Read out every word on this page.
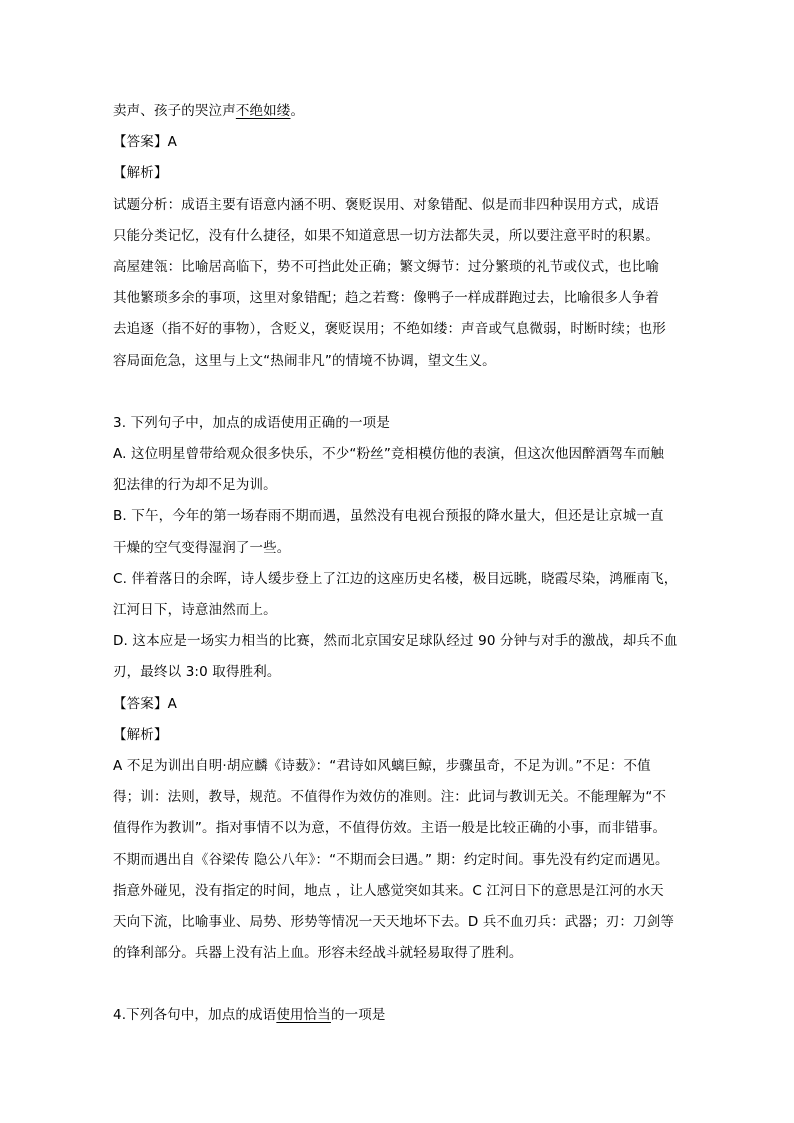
卖声、孩子的哭泣声不绝如缕。
【答案】A
【解析】
试题分析：成语主要有语意内涵不明、褒贬误用、对象错配、似是而非四种误用方式，成语
只能分类记忆，没有什么捷径，如果不知道意思一切方法都失灵，所以要注意平时的积累。
高屋建瓴：比喻居高临下，势不可挡此处正确；繁文缛节：过分繁琐的礼节或仪式，也比喻
其他繁琐多余的事项，这里对象错配；趋之若鹜：像鸭子一样成群跑过去，比喻很多人争着
去追逐（指不好的事物），含贬义，褒贬误用；不绝如缕：声音或气息微弱，时断时续；也形
容局面危急，这里与上文“热闹非凡”的情境不协调，望文生义。
3. 下列句子中，加点的成语使用正确的一项是
A. 这位明星曾带给观众很多快乐，不少“粉丝”竞相模仿他的表演，但这次他因醉酒驾车而触
犯法律的行为却不足为训。
B. 下午，今年的第一场春雨不期而遇，虽然没有电视台预报的降水量大，但还是让京城一直
干燥的空气变得湿润了一些。
C. 伴着落日的余晖，诗人缓步登上了江边的这座历史名楼，极目远眺，晓霞尽染，鸿雁南飞，
江河日下，诗意油然而上。
D. 这本应是一场实力相当的比赛，然而北京国安足球队经过 90 分钟与对手的激战，却兵不血
刃，最终以 3:0 取得胜利。
【答案】A
【解析】
A 不足为训出自明·胡应麟《诗薮》：“君诗如风螭巨鲸，步骤虽奇，不足为训。”不足：不值
得；训：法则，教导，规范。不值得作为效仿的准则。注：此词与教训无关。不能理解为“不
值得作为教训”。指对事情不以为意，不值得仿效。主语一般是比较正确的小事，而非错事。
不期而遇出自《谷梁传 隐公八年》：“不期而会曰遇。” 期：约定时间。事先没有约定而遇见。
指意外碰见，没有指定的时间，地点 ，让人感觉突如其来。C 江河日下的意思是江河的水天
天向下流，比喻事业、局势、形势等情况一天天地坏下去。D 兵不血刃兵：武器；刃：刀剑等
的锋利部分。兵器上没有沾上血。形容未经战斗就轻易取得了胜利。
4.下列各句中，加点的成语使用恰当的一项是
